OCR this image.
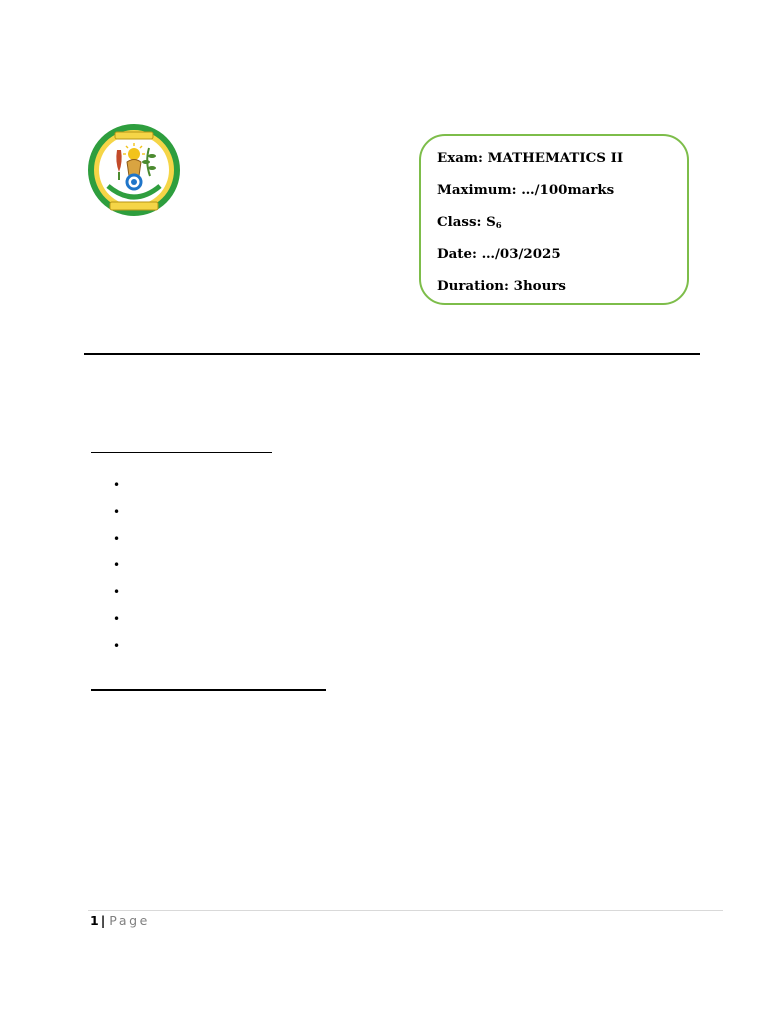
Exam: MATHEMATICS II
Maximum: …/100marks
Class: $S_6$
Date: …/03/2025
Duration: 3hours
•
•
•
•
•
•
•
1 | Page
